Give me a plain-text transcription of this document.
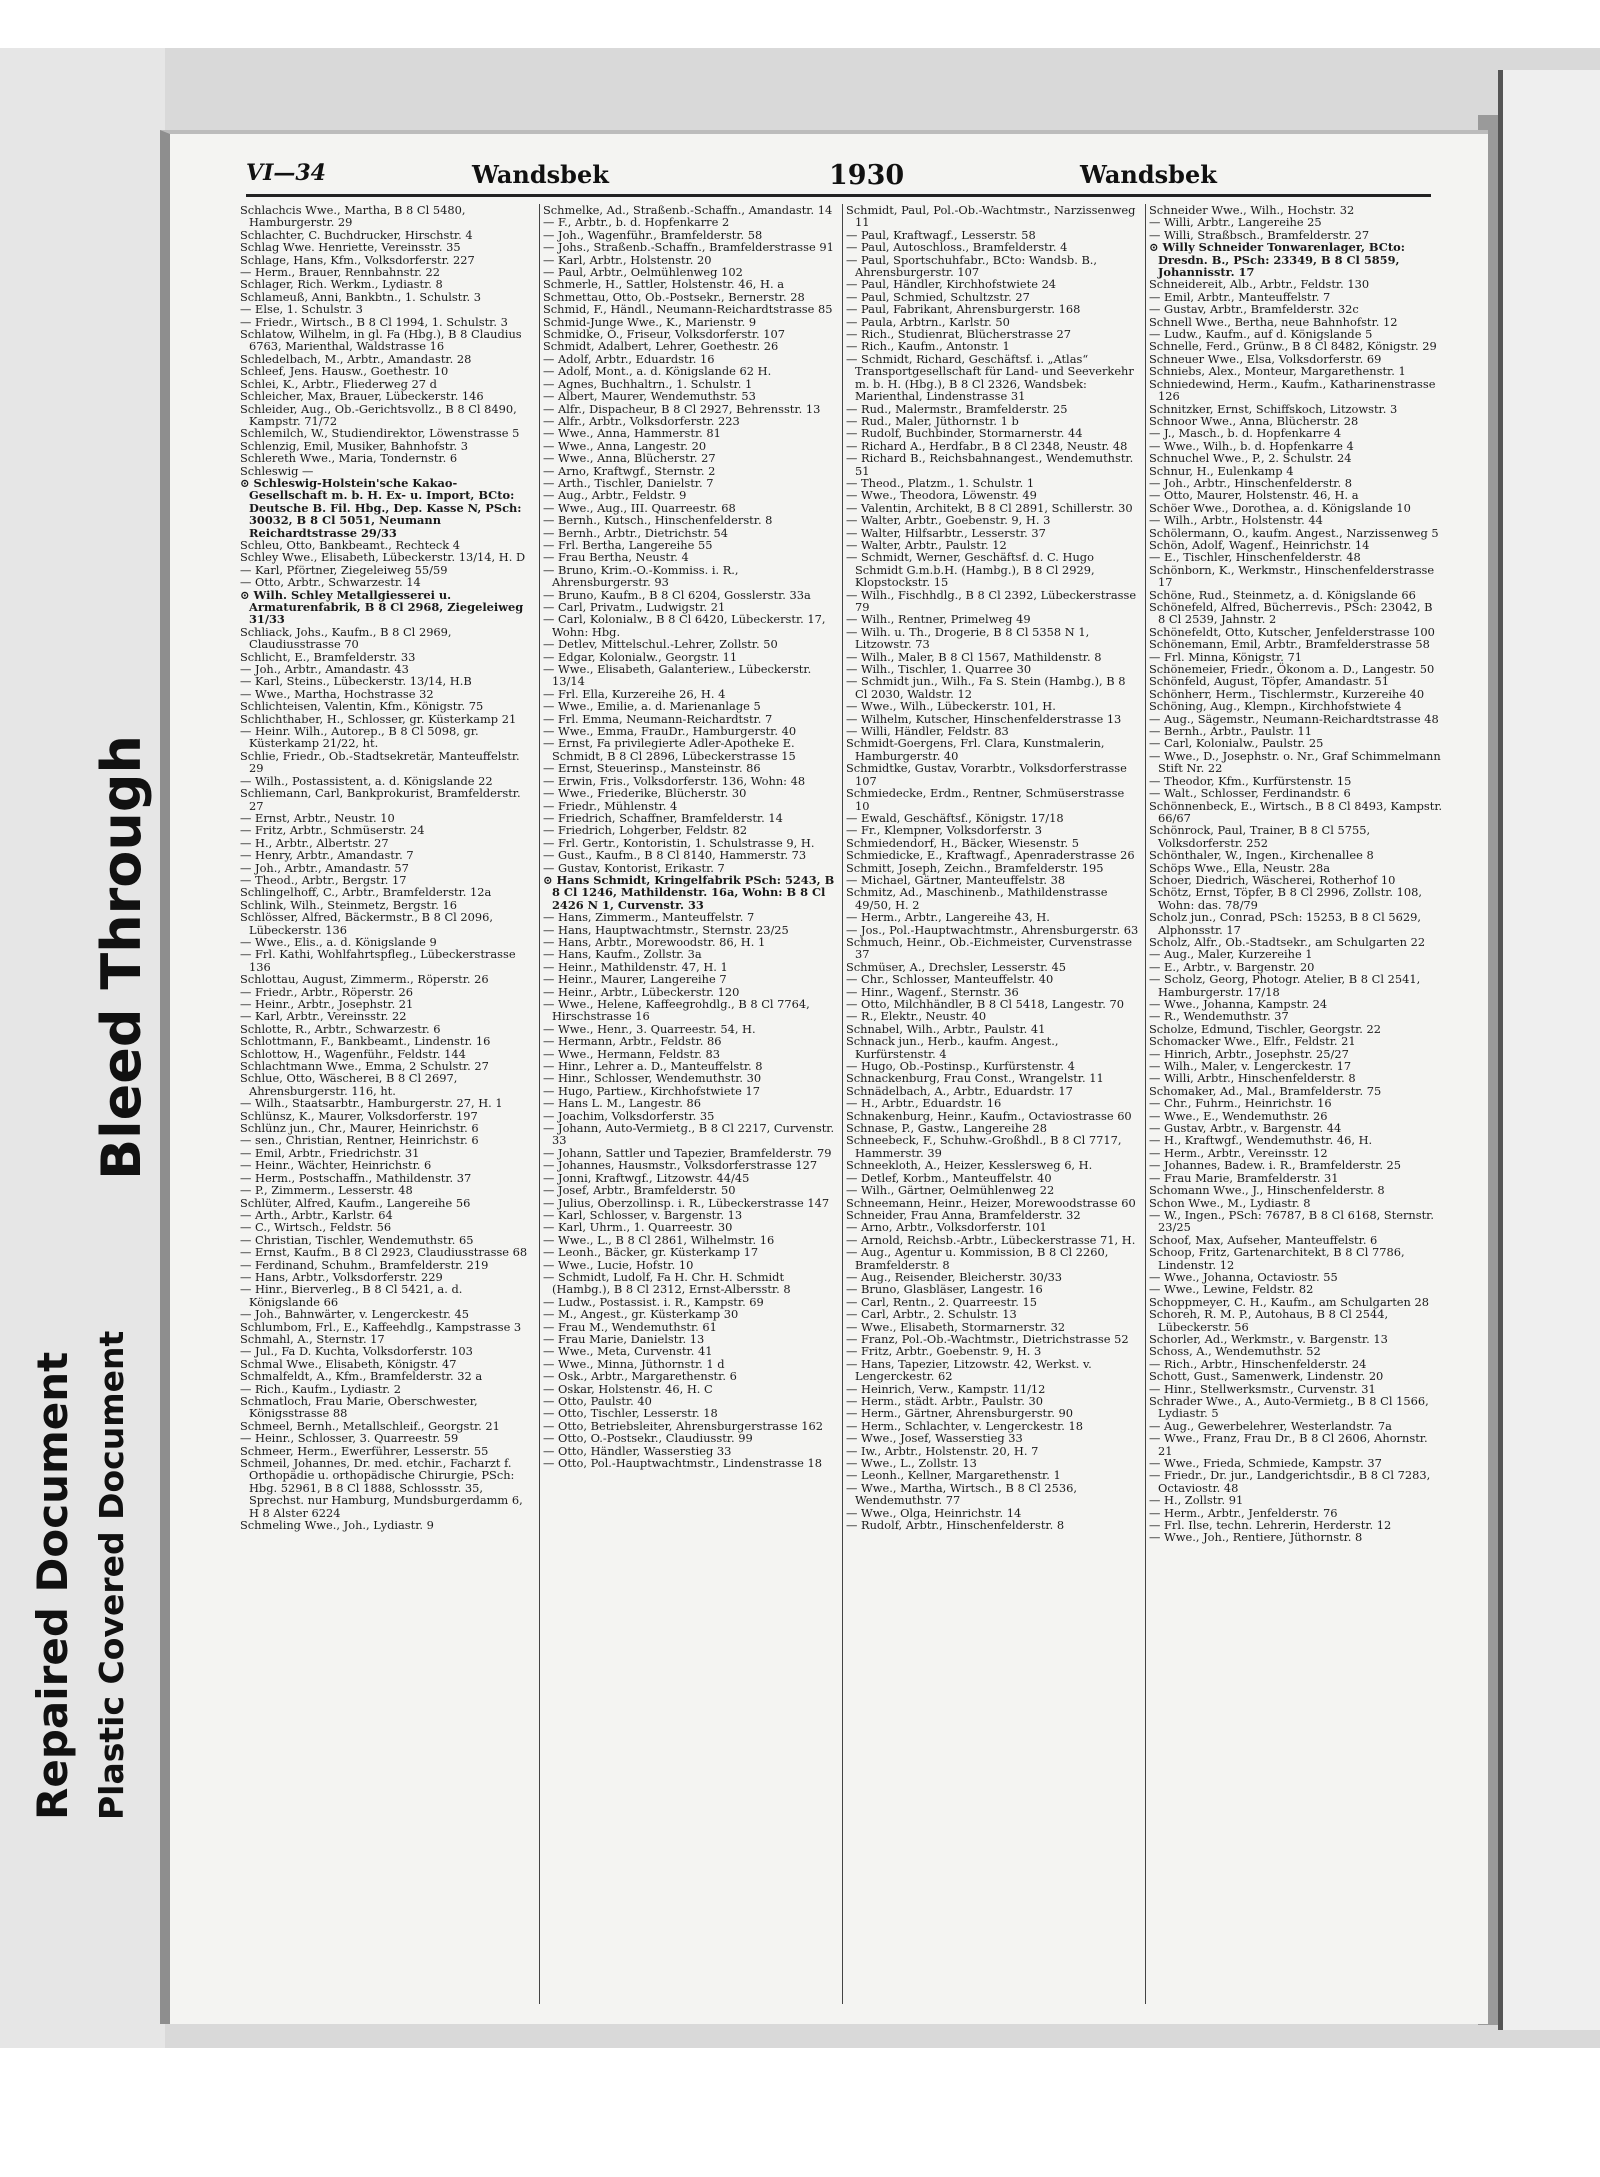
Repaired Document Plastic Covered Document
Bleed Through
VI—34	Wandsbek	1930	Wandsbek
Schlachcis Wwe., Martha, B 8 Cl 5480, Hamburgerstr. 29
Schlachter, C. Buchdrucker, Hirschstr. 4
Schlag Wwe. Henriette, Vereinsstr. 35
Schlage, Hans, Kfm., Volksdorferstr. 227
— Herm., Brauer, Rennbahnstr. 22
Schlager, Rich. Werkm., Lydiastr. 8
Schlameuß, Anni, Bankbtn., 1. Schulstr. 3
— Else, 1. Schulstr. 3
— Friedr., Wirtsch., B 8 Cl 1994, 1. Schulstr. 3
Schlatow, Wilhelm, in gl. Fa (Hbg.), B 8 Claudius 6763, Marienthal, Waldstrasse 16
Schledelbach, M., Arbtr., Amandastr. 28
Schleef, Jens. Hausw., Goethestr. 10
Schlei, K., Arbtr., Fliederweg 27 d
Schleicher, Max, Brauer, Lübeckerstr. 146
Schleider, Aug., Ob.-Gerichtsvollz., B 8 Cl 8490, Kampstr. 71/72
Schlemilch, W., Studiendirektor, Löwenstrasse 5
Schlenzig, Emil, Musiker, Bahnhofstr. 3
Schlereth Wwe., Maria, Tondernstr. 6
Schleswig —
⊙ Schleswig-Holstein'sche Kakao-Gesellschaft m. b. H. Ex- u. Import, BCto: Deutsche B. Fil. Hbg., Dep. Kasse N, PSch: 30032, B 8 Cl 5051, Neumann Reichardtstrasse 29/33
Schleu, Otto, Bankbeamt., Rechteck 4
Schley Wwe., Elisabeth, Lübeckerstr. 13/14, H. D
— Karl, Pförtner, Ziegeleiweg 55/59
— Otto, Arbtr., Schwarzestr. 14
⊙ Wilh. Schley Metallgiesserei u. Armaturenfabrik, B 8 Cl 2968, Ziegeleiweg 31/33
Schliack, Johs., Kaufm., B 8 Cl 2969, Claudiusstrasse 70
Schlicht, E., Bramfelderstr. 33
— Joh., Arbtr., Amandastr. 43
— Karl, Steins., Lübeckerstr. 13/14, H.B
— Wwe., Martha, Hochstrasse 32
Schlichteisen, Valentin, Kfm., Königstr. 75
Schlichthaber, H., Schlosser, gr. Küsterkamp 21
— Heinr. Wilh., Autorep., B 8 Cl 5098, gr. Küsterkamp 21/22, ht.
Schlie, Friedr., Ob.-Stadtsekretär, Manteuffelstr. 29
— Wilh., Postassistent, a. d. Königslande 22
Schliemann, Carl, Bankprokurist, Bramfelderstr. 27
— Ernst, Arbtr., Neustr. 10
— Fritz, Arbtr., Schmüserstr. 24
— H., Arbtr., Albertstr. 27
— Henry, Arbtr., Amandastr. 7
— Joh., Arbtr., Amandastr. 57
— Theod., Arbtr., Bergstr. 17
Schlingelhoff, C., Arbtr., Bramfelderstr. 12a
Schlink, Wilh., Steinmetz, Bergstr. 16
Schlösser, Alfred, Bäckermstr., B 8 Cl 2096, Lübeckerstr. 136
— Wwe., Elis., a. d. Königslande 9
— Frl. Kathi, Wohlfahrtspfleg., Lübeckerstrasse 136
Schlottau, August, Zimmerm., Röperstr. 26
— Friedr., Arbtr., Röperstr. 26
— Heinr., Arbtr., Josephstr. 21
— Karl, Arbtr., Vereinsstr. 22
Schlotte, R., Arbtr., Schwarzestr. 6
Schlottmann, F., Bankbeamt., Lindenstr. 16
Schlottow, H., Wagenführ., Feldstr. 144
Schlachtmann Wwe., Emma, 2 Schulstr. 27
Schlue, Otto, Wäscherei, B 8 Cl 2697, Ahrensburgerstr. 116, ht.
— Wilh., Staatsarbtr., Hamburgerstr. 27, H. 1
Schlünsz, K., Maurer, Volksdorferstr. 197
Schlünz jun., Chr., Maurer, Heinrichstr. 6
— sen., Christian, Rentner, Heinrichstr. 6
— Emil, Arbtr., Friedrichstr. 31
— Heinr., Wächter, Heinrichstr. 6
— Herm., Postschaffn., Mathildenstr. 37
— P., Zimmerm., Lesserstr. 48
Schlüter, Alfred, Kaufm., Langereihe 56
— Arth., Arbtr., Karlstr. 64
— C., Wirtsch., Feldstr. 56
— Christian, Tischler, Wendemuthstr. 65
— Ernst, Kaufm., B 8 Cl 2923, Claudiusstrasse 68
— Ferdinand, Schuhm., Bramfelderstr. 219
— Hans, Arbtr., Volksdorferstr. 229
— Hinr., Bierverleg., B 8 Cl 5421, a. d. Königslande 66
— Joh., Bahnwärter, v. Lengerckestr. 45
Schlumbom, Frl., E., Kaffeehdlg., Kampstrasse 3
Schmahl, A., Sternstr. 17
— Jul., Fa D. Kuchta, Volksdorferstr. 103
Schmal Wwe., Elisabeth, Königstr. 47
Schmalfeldt, A., Kfm., Bramfelderstr. 32 a
— Rich., Kaufm., Lydiastr. 2
Schmatloch, Frau Marie, Oberschwester, Königsstrasse 88
Schmeel, Bernh., Metallschleif., Georgstr. 21
— Heinr., Schlosser, 3. Quarreestr. 59
Schmeer, Herm., Ewerführer, Lesserstr. 55
Schmeil, Johannes, Dr. med. etchir., Facharzt f. Orthopädie u. orthopädische Chirurgie, PSch: Hbg. 52961, B 8 Cl 1888, Schlossstr. 35, Sprechst. nur Hamburg, Mundsburgerdamm 6, H 8 Alster 6224
Schmeling Wwe., Joh., Lydiastr. 9
Schmelke, Ad., Straßenb.-Schaffn., Amandastr. 14
— F., Arbtr., b. d. Hopfenkarre 2
— Joh., Wagenführ., Bramfelderstr. 58
— Johs., Straßenb.-Schaffn., Bramfelderstrasse 91
— Karl, Arbtr., Holstenstr. 20
— Paul, Arbtr., Oelmühlenweg 102
Schmerle, H., Sattler, Holstenstr. 46, H. a
Schmettau, Otto, Ob.-Postsekr., Bernerstr. 28
Schmid, F., Händl., Neumann-Reichardtstrasse 85
Schmid-Junge Wwe., K., Marienstr. 9
Schmidke, O., Friseur, Volksdorferstr. 107
Schmidt, Adalbert, Lehrer, Goethestr. 26
— Adolf, Arbtr., Eduardstr. 16
— Adolf, Mont., a. d. Königslande 62 H.
— Agnes, Buchhaltrn., 1. Schulstr. 1
— Albert, Maurer, Wendemuthstr. 53
— Alfr., Dispacheur, B 8 Cl 2927, Behrensstr. 13
— Alfr., Arbtr., Volksdorferstr. 223
— Wwe., Anna, Hammerstr. 81
— Wwe., Anna, Langestr. 20
— Wwe., Anna, Blücherstr. 27
— Arno, Kraftwgf., Sternstr. 2
— Arth., Tischler, Danielstr. 7
— Aug., Arbtr., Feldstr. 9
— Wwe., Aug., III. Quarreestr. 68
— Bernh., Kutsch., Hinschenfelderstr. 8
— Bernh., Arbtr., Dietrichstr. 54
— Frl. Bertha, Langereihe 55
— Frau Bertha, Neustr. 4
— Bruno, Krim.-O.-Kommiss. i. R., Ahrensburgerstr. 93
— Bruno, Kaufm., B 8 Cl 6204, Gosslerstr. 33a
— Carl, Privatm., Ludwigstr. 21
— Carl, Kolonialw., B 8 Cl 6420, Lübeckerstr. 17, Wohn: Hbg.
— Detlev, Mittelschul.-Lehrer, Zollstr. 50
— Edgar, Kolonialw., Georgstr. 11
— Wwe., Elisabeth, Galanteriew., Lübeckerstr. 13/14
— Frl. Ella, Kurzereihe 26, H. 4
— Wwe., Emilie, a. d. Marienanlage 5
— Frl. Emma, Neumann-Reichardtstr. 7
— Wwe., Emma, FrauDr., Hamburgerstr. 40
— Ernst, Fa privilegierte Adler-Apotheke E. Schmidt, B 8 Cl 2896, Lübeckerstrasse 15
— Ernst, Steuerinsp., Mansteinstr. 86
— Erwin, Fris., Volksdorferstr. 136, Wohn: 48
— Wwe., Friederike, Blücherstr. 30
— Friedr., Mühlenstr. 4
— Friedrich, Schaffner, Bramfelderstr. 14
— Friedrich, Lohgerber, Feldstr. 82
— Frl. Gertr., Kontoristin, 1. Schulstrasse 9, H.
— Gust., Kaufm., B 8 Cl 8140, Hammerstr. 73
— Gustav, Kontorist, Erikastr. 7
⊙ Hans Schmidt, Kringelfabrik PSch: 5243, B 8 Cl 1246, Mathildenstr. 16a, Wohn: B 8 Cl 2426 N 1, Curvenstr. 33
— Hans, Zimmerm., Manteuffelstr. 7
— Hans, Hauptwachtmstr., Sternstr. 23/25
— Hans, Arbtr., Morewoodstr. 86, H. 1
— Hans, Kaufm., Zollstr. 3a
— Heinr., Mathildenstr. 47, H. 1
— Heinr., Maurer, Langereihe 7
— Heinr., Arbtr., Lübeckerstr. 120
— Wwe., Helene, Kaffeegrohdlg., B 8 Cl 7764, Hirschstrasse 16
— Wwe., Henr., 3. Quarreestr. 54, H.
— Hermann, Arbtr., Feldstr. 86
— Wwe., Hermann, Feldstr. 83
— Hinr., Lehrer a. D., Manteuffelstr. 8
— Hinr., Schlosser, Wendemuthstr. 30
— Hugo, Partiew., Kirchhofstwiete 17
— Hans L. M., Langestr. 86
— Joachim, Volksdorferstr. 35
— Johann, Auto-Vermietg., B 8 Cl 2217, Curvenstr. 33
— Johann, Sattler und Tapezier, Bramfelderstr. 79
— Johannes, Hausmstr., Volksdorferstrasse 127
— Jonni, Kraftwgf., Litzowstr. 44/45
— Josef, Arbtr., Bramfelderstr. 50
— Julius, Oberzollinsp. i. R., Lübeckerstrasse 147
— Karl, Schlosser, v. Bargenstr. 13
— Karl, Uhrm., 1. Quarreestr. 30
— Wwe., L., B 8 Cl 2861, Wilhelmstr. 16
— Leonh., Bäcker, gr. Küsterkamp 17
— Wwe., Lucie, Hofstr. 10
— Schmidt, Ludolf, Fa H. Chr. H. Schmidt (Hambg.), B 8 Cl 2312, Ernst-Albersstr. 8
— Ludw., Postassist. i. R., Kampstr. 69
— M., Angest., gr. Küsterkamp 30
— Frau M., Wendemuthstr. 61
— Frau Marie, Danielstr. 13
— Wwe., Meta, Curvenstr. 41
— Wwe., Minna, Jüthornstr. 1 d
— Osk., Arbtr., Margarethenstr. 6
— Oskar, Holstenstr. 46, H. C
— Otto, Paulstr. 40
— Otto, Tischler, Lesserstr. 18
— Otto, Betriebsleiter, Ahrensburgerstrasse 162
— Otto, O.-Postsekr., Claudiusstr. 99
— Otto, Händler, Wasserstieg 33
— Otto, Pol.-Hauptwachtmstr., Lindenstrasse 18
Schmidt, Paul, Pol.-Ob.-Wachtmstr., Narzissenweg 11
— Paul, Kraftwagf., Lesserstr. 58
— Paul, Autoschloss., Bramfelderstr. 4
— Paul, Sportschuhfabr., BCto: Wandsb. B., Ahrensburgerstr. 107
— Paul, Händler, Kirchhofstwiete 24
— Paul, Schmied, Schultzstr. 27
— Paul, Fabrikant, Ahrensburgerstr. 168
— Paula, Arbtrn., Karlstr. 50
— Rich., Studienrat, Blücherstrasse 27
— Rich., Kaufm., Antonstr. 1
— Schmidt, Richard, Geschäftsf. i. „Atlas“ Transportgesellschaft für Land- und Seeverkehr m. b. H. (Hbg.), B 8 Cl 2326, Wandsbek: Marienthal, Lindenstrasse 31
— Rud., Malermstr., Bramfelderstr. 25
— Rud., Maler, Jüthornstr. 1 b
— Rudolf, Buchbinder, Stormarnerstr. 44
— Richard A., Herdfabr., B 8 Cl 2348, Neustr. 48
— Richard B., Reichsbahnangest., Wendemuthstr. 51
— Theod., Platzm., 1. Schulstr. 1
— Wwe., Theodora, Löwenstr. 49
— Valentin, Architekt, B 8 Cl 2891, Schillerstr. 30
— Walter, Arbtr., Goebenstr. 9, H. 3
— Walter, Hilfsarbtr., Lesserstr. 37
— Walter, Arbtr., Paulstr. 12
— Schmidt, Werner, Geschäftsf. d. C. Hugo Schmidt G.m.b.H. (Hambg.), B 8 Cl 2929, Klopstockstr. 15
— Wilh., Fischhdlg., B 8 Cl 2392, Lübeckerstrasse 79
— Wilh., Rentner, Primelweg 49
— Wilh. u. Th., Drogerie, B 8 Cl 5358 N 1, Litzowstr. 73
— Wilh., Maler, B 8 Cl 1567, Mathildenstr. 8
— Wilh., Tischler, 1. Quarree 30
— Schmidt jun., Wilh., Fa S. Stein (Hambg.), B 8 Cl 2030, Waldstr. 12
— Wwe., Wilh., Lübeckerstr. 101, H.
— Wilhelm, Kutscher, Hinschenfelderstrasse 13
— Willi, Händler, Feldstr. 83
Schmidt-Goergens, Frl. Clara, Kunstmalerin, Hamburgerstr. 40
Schmidtke, Gustav, Vorarbtr., Volksdorferstrasse 107
Schmiedecke, Erdm., Rentner, Schmüserstrasse 10
— Ewald, Geschäftsf., Königstr. 17/18
— Fr., Klempner, Volksdorferstr. 3
Schmiedendorf, H., Bäcker, Wiesenstr. 5
Schmiedicke, E., Kraftwagf., Apenraderstrasse 26
Schmitt, Joseph, Zeichn., Bramfelderstr. 195
— Michael, Gärtner, Manteuffelstr. 38
Schmitz, Ad., Maschinenb., Mathildenstrasse 49/50, H. 2
— Herm., Arbtr., Langereihe 43, H.
— Jos., Pol.-Hauptwachtmstr., Ahrensburgerstr. 63
Schmuch, Heinr., Ob.-Eichmeister, Curvenstrasse 37
Schmüser, A., Drechsler, Lesserstr. 45
— Chr., Schlosser, Manteuffelstr. 40
— Hinr., Wagenf., Sternstr. 36
— Otto, Milchhändler, B 8 Cl 5418, Langestr. 70
— R., Elektr., Neustr. 40
Schnabel, Wilh., Arbtr., Paulstr. 41
Schnack jun., Herb., kaufm. Angest., Kurfürstenstr. 4
— Hugo, Ob.-Postinsp., Kurfürstenstr. 4
Schnackenburg, Frau Const., Wrangelstr. 11
Schnädelbach, A., Arbtr., Eduardstr. 17
— H., Arbtr., Eduardstr. 16
Schnakenburg, Heinr., Kaufm., Octaviostrasse 60
Schnase, P., Gastw., Langereihe 28
Schneebeck, F., Schuhw.-Großhdl., B 8 Cl 7717, Hammerstr. 39
Schneekloth, A., Heizer, Kesslersweg 6, H.
— Detlef, Korbm., Manteuffelstr. 40
— Wilh., Gärtner, Oelmühlenweg 22
Schneemann, Heinr., Heizer, Morewoodstrasse 60
Schneider, Frau Anna, Bramfelderstr. 32
— Arno, Arbtr., Volksdorferstr. 101
— Arnold, Reichsb.-Arbtr., Lübeckerstrasse 71, H.
— Aug., Agentur u. Kommission, B 8 Cl 2260, Bramfelderstr. 8
— Aug., Reisender, Bleicherstr. 30/33
— Bruno, Glasbläser, Langestr. 16
— Carl, Rentn., 2. Quarreestr. 15
— Carl, Arbtr., 2. Schulstr. 13
— Wwe., Elisabeth, Stormarnerstr. 32
— Franz, Pol.-Ob.-Wachtmstr., Dietrichstrasse 52
— Fritz, Arbtr., Goebenstr. 9, H. 3
— Hans, Tapezier, Litzowstr. 42, Werkst. v. Lengerckestr. 62
— Heinrich, Verw., Kampstr. 11/12
— Herm., städt. Arbtr., Paulstr. 30
— Herm., Gärtner, Ahrensburgerstr. 90
— Herm., Schlachter, v. Lengerckestr. 18
— Wwe., Josef, Wasserstieg 33
— Iw., Arbtr., Holstenstr. 20, H. 7
— Wwe., L., Zollstr. 13
— Leonh., Kellner, Margarethenstr. 1
— Wwe., Martha, Wirtsch., B 8 Cl 2536, Wendemuthstr. 77
— Wwe., Olga, Heinrichstr. 14
— Rudolf, Arbtr., Hinschenfelderstr. 8
Schneider Wwe., Wilh., Hochstr. 32
— Willi, Arbtr., Langereihe 25
— Willi, Straßbsch., Bramfelderstr. 27
⊙ Willy Schneider Tonwarenlager, BCto: Dresdn. B., PSch: 23349, B 8 Cl 5859, Johannisstr. 17
Schneidereit, Alb., Arbtr., Feldstr. 130
— Emil, Arbtr., Manteuffelstr. 7
— Gustav, Arbtr., Bramfelderstr. 32c
Schnell Wwe., Bertha, neue Bahnhofstr. 12
— Ludw., Kaufm., auf d. Königslande 5
Schnelle, Ferd., Grünw., B 8 Cl 8482, Königstr. 29
Schneuer Wwe., Elsa, Volksdorferstr. 69
Schniebs, Alex., Monteur, Margarethenstr. 1
Schniedewind, Herm., Kaufm., Katharinenstrasse 126
Schnitzker, Ernst, Schiffskoch, Litzowstr. 3
Schnoor Wwe., Anna, Blücherstr. 28
— J., Masch., b. d. Hopfenkarre 4
— Wwe., Wilh., b. d. Hopfenkarre 4
Schnuchel Wwe., P., 2. Schulstr. 24
Schnur, H., Eulenkamp 4
— Joh., Arbtr., Hinschenfelderstr. 8
— Otto, Maurer, Holstenstr. 46, H. a
Schöer Wwe., Dorothea, a. d. Königslande 10
— Wilh., Arbtr., Holstenstr. 44
Schölermann, O., kaufm. Angest., Narzissenweg 5
Schön, Adolf, Wagenf., Heinrichstr. 14
— E., Tischler, Hinschenfelderstr. 48
Schönborn, K., Werkmstr., Hinschenfelderstrasse 17
Schöne, Rud., Steinmetz, a. d. Königslande 66
Schönefeld, Alfred, Bücherrevis., PSch: 23042, B 8 Cl 2539, Jahnstr. 2
Schönefeldt, Otto, Kutscher, Jenfelderstrasse 100
Schönemann, Emil, Arbtr., Bramfelderstrasse 58
— Frl. Minna, Königstr. 71
Schönemeier, Friedr., Ökonom a. D., Langestr. 50
Schönfeld, August, Töpfer, Amandastr. 51
Schönherr, Herm., Tischlermstr., Kurzereihe 40
Schöning, Aug., Klempn., Kirchhofstwiete 4
— Aug., Sägemstr., Neumann-Reichardtstrasse 48
— Bernh., Arbtr., Paulstr. 11
— Carl, Kolonialw., Paulstr. 25
— Wwe., D., Josephstr. o. Nr., Graf Schimmelmann Stift Nr. 22
— Theodor, Kfm., Kurfürstenstr. 15
— Walt., Schlosser, Ferdinandstr. 6
Schönnenbeck, E., Wirtsch., B 8 Cl 8493, Kampstr. 66/67
Schönrock, Paul, Trainer, B 8 Cl 5755, Volksdorferstr. 252
Schönthaler, W., Ingen., Kirchenallee 8
Schöps Wwe., Ella, Neustr. 28a
Schoer, Diedrich, Wäscherei, Rotherhof 10
Schötz, Ernst, Töpfer, B 8 Cl 2996, Zollstr. 108, Wohn: das. 78/79
Scholz jun., Conrad, PSch: 15253, B 8 Cl 5629, Alphonsstr. 17
Scholz, Alfr., Ob.-Stadtsekr., am Schulgarten 22
— Aug., Maler, Kurzereihe 1
— E., Arbtr., v. Bargenstr. 20
— Scholz, Georg, Photogr. Atelier, B 8 Cl 2541, Hamburgerstr. 17/18
— Wwe., Johanna, Kampstr. 24
— R., Wendemuthstr. 37
Scholze, Edmund, Tischler, Georgstr. 22
Schomacker Wwe., Elfr., Feldstr. 21
— Hinrich, Arbtr., Josephstr. 25/27
— Wilh., Maler, v. Lengerckestr. 17
— Willi, Arbtr., Hinschenfelderstr. 8
Schomaker, Ad., Mal., Bramfelderstr. 75
— Chr., Fuhrm., Heinrichstr. 16
— Wwe., E., Wendemuthstr. 26
— Gustav, Arbtr., v. Bargenstr. 44
— H., Kraftwgf., Wendemuthstr. 46, H.
— Herm., Arbtr., Vereinsstr. 12
— Johannes, Badew. i. R., Bramfelderstr. 25
— Frau Marie, Bramfelderstr. 31
Schomann Wwe., J., Hinschenfelderstr. 8
Schon Wwe., M., Lydiastr. 8
— W., Ingen., PSch: 76787, B 8 Cl 6168, Sternstr. 23/25
Schoof, Max, Aufseher, Manteuffelstr. 6
Schoop, Fritz, Gartenarchitekt, B 8 Cl 7786, Lindenstr. 12
— Wwe., Johanna, Octaviostr. 55
— Wwe., Lewine, Feldstr. 82
Schoppmeyer, C. H., Kaufm., am Schulgarten 28
Schoreh, R. M. P., Autohaus, B 8 Cl 2544, Lübeckerstr. 56
Schorler, Ad., Werkmstr., v. Bargenstr. 13
Schoss, A., Wendemuthstr. 52
— Rich., Arbtr., Hinschenfelderstr. 24
Schott, Gust., Samenwerk, Lindenstr. 20
— Hinr., Stellwerksmstr., Curvenstr. 31
Schrader Wwe., A., Auto-Vermietg., B 8 Cl 1566, Lydiastr. 5
— Aug., Gewerbelehrer, Westerlandstr. 7a
— Wwe., Franz, Frau Dr., B 8 Cl 2606, Ahornstr. 21
— Wwe., Frieda, Schmiede, Kampstr. 37
— Friedr., Dr. jur., Landgerichtsdir., B 8 Cl 7283, Octaviostr. 48
— H., Zollstr. 91
— Herm., Arbtr., Jenfelderstr. 76
— Frl. Ilse, techn. Lehrerin, Herderstr. 12
— Wwe., Joh., Rentiere, Jüthornstr. 8
